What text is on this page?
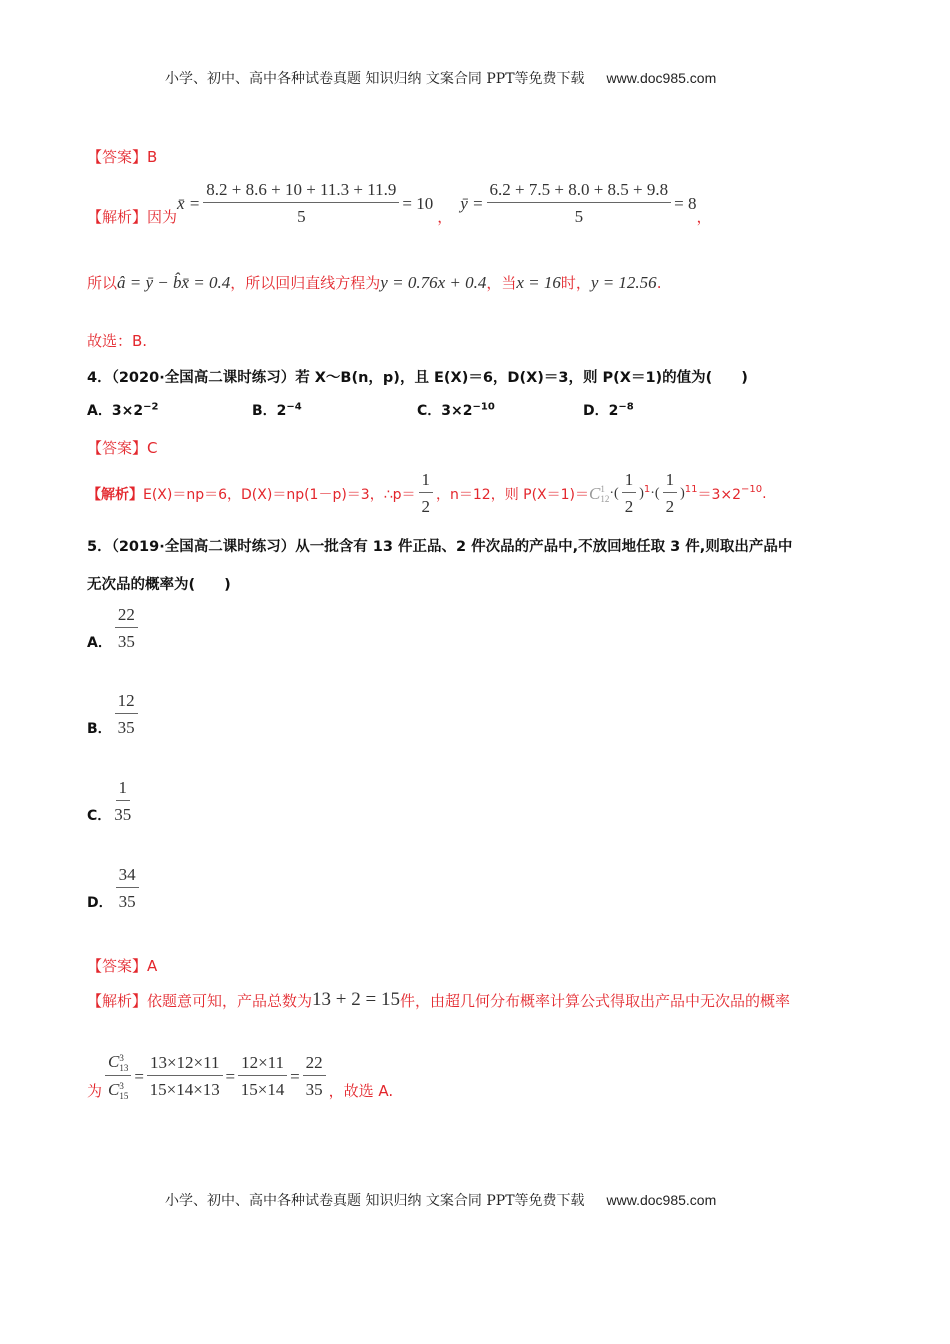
小学、初中、高中各种试卷真题 知识归纳 文案合同 PPT等免费下载 www.doc985.com
【答案】 B
【解析】因为
x̄ = $\frac{8.2 + 8.6 + 10 + 11.3 + 11.9}{5} = 10$
，
ȳ = $\frac{6.2 + 7.5 + 8.0 + 8.5 + 9.8}{5} = 8$
，
所以 â = ȳ − b̂x̄ = 0.4 ，所以回归直线方程为 y = 0.76x + 0.4 ，当 x = 16 时， y = 12.56 .
故选：B.
4．（2020·全国高二课时练习）若 X～B(n，p)，且 E(X)＝6，D(X)＝3，则 P(X＝1)的值为(　　)
A．$3\times 2^{-2}$	B．$2^{-4}$	C．$3\times 2^{-10}$	D．$2^{-8}$
【答案】 C
【解析】 E(X)＝np＝6，D(X)＝np(1－p)＝3，∴p＝ $\frac{1}{2}$ ，n＝12，则 P(X＝1)＝ C 1
12 ·( $\frac{1}{2} )^1$ ·( $\frac{1}{2} )^{11} =3\times 2^{-10}$ .
5．（2019·全国高二课时练习）从一批含有 13 件正品、2 件次品的产品中,不放回地任取 3 件,则取出产品中
无次品的概率为(　　)
A． $\frac{22}{35}$
B． $\frac{12}{35}$
C． $\frac{1}{35}$
D． $\frac{34}{35}$
【答案】 A
【解析】 依题意可知，产品总数为 13 + 2 = 15 件，由超几何分布概率计算公式得取出产品中无次品的概率
为 C 3
13
C 3
$15 = \frac{13\times 12\times 11}{15\times 14\times 13} = \frac{12\times 11}{15\times 14} = \frac{22}{35}$ ，故选 A.
小学、初中、高中各种试卷真题 知识归纳 文案合同 PPT等免费下载 www.doc985.com
